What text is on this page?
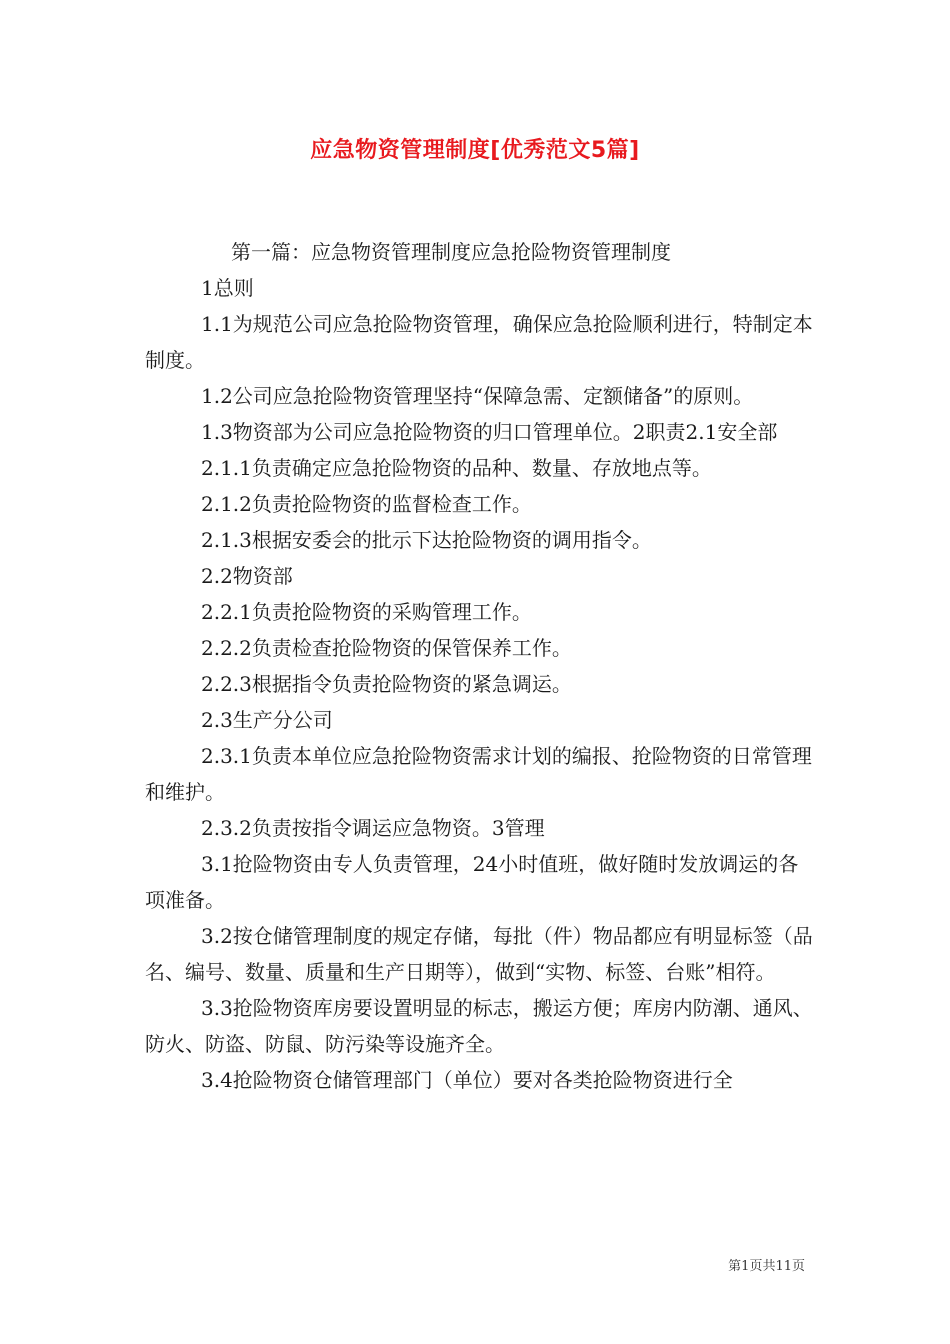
应急物资管理制度[优秀范文5篇]

第一篇：应急物资管理制度应急抢险物资管理制度

1总则

1.1为规范公司应急抢险物资管理，确保应急抢险顺利进行，特制定本制度。

1.2公司应急抢险物资管理坚持“保障急需、定额储备”的原则。

1.3物资部为公司应急抢险物资的归口管理单位。2职责2.1安全部

2.1.1负责确定应急抢险物资的品种、数量、存放地点等。

2.1.2负责抢险物资的监督检查工作。

2.1.3根据安委会的批示下达抢险物资的调用指令。

2.2物资部

2.2.1负责抢险物资的采购管理工作。

2.2.2负责检查抢险物资的保管保养工作。

2.2.3根据指令负责抢险物资的紧急调运。

2.3生产分公司

2.3.1负责本单位应急抢险物资需求计划的编报、抢险物资的日常管理和维护。

2.3.2负责按指令调运应急物资。3管理

3.1抢险物资由专人负责管理，24小时值班，做好随时发放调运的各项准备。

3.2按仓储管理制度的规定存储，每批（件）物品都应有明显标签（品名、编号、数量、质量和生产日期等），做到“实物、标签、台账”相符。

3.3抢险物资库房要设置明显的标志，搬运方便；库房内防潮、通风、防火、防盗、防鼠、防污染等设施齐全。

3.4抢险物资仓储管理部门（单位）要对各类抢险物资进行全

第1页共11页
